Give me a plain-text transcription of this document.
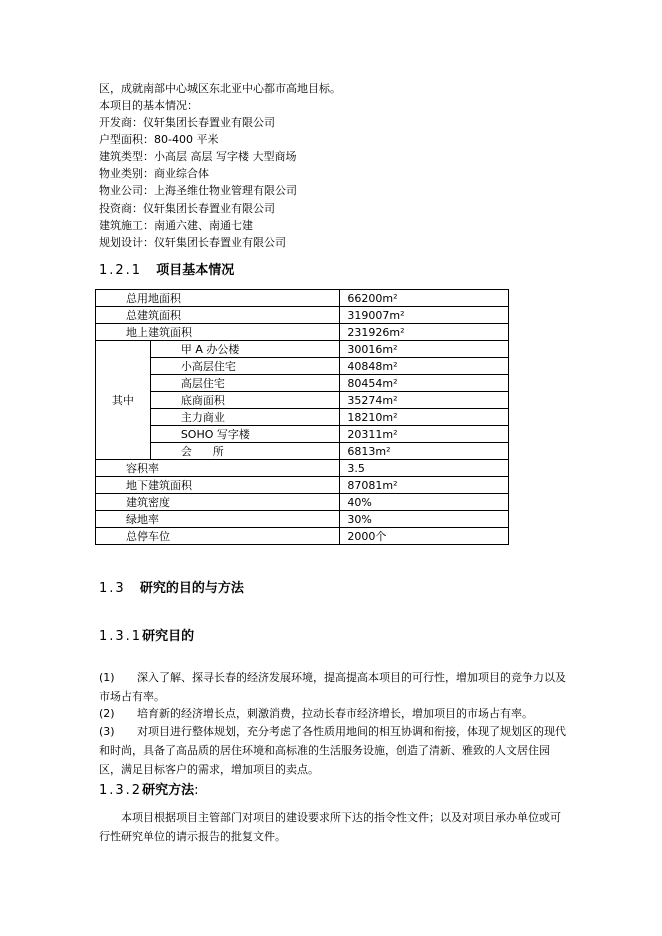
区，成就南部中心城区东北亚中心都市高地目标。
本项目的基本情况：
开发商：仪轩集团长春置业有限公司
户型面积：80-400 平米
建筑类型：小高层 高层 写字楼 大型商场
物业类别：商业综合体
物业公司：上海圣维仕物业管理有限公司
投资商：仪轩集团长春置业有限公司
建筑施工：南通六建、南通七建
规划设计：仪轩集团长春置业有限公司
1.2.1 项目基本情况
总用地面积		66200m²
总建筑面积		319007m²
地上建筑面积		231926m²
其中	甲 A 办公楼	30016m²
	小高层住宅	40848m²
	高层住宅	80454m²
	底商面积	35274m²
	主力商业	18210m²
	SOHO 写字楼	20311m²
	会      所	6813m²
容积率		3.5
地下建筑面积		87081m²
建筑密度		40%
绿地率		30%
总停车位		2000个
1.3 研究的目的与方法
1.3.1研究目的
(1) 深入了解、探寻长春的经济发展环境，提高提高本项目的可行性，增加项目的竞争力以及市场占有率。
(2) 培育新的经济增长点，刺激消费，拉动长春市经济增长，增加项目的市场占有率。
(3) 对项目进行整体规划，充分考虑了各性质用地间的相互协调和衔接，体现了规划区的现代和时尚，具备了高品质的居住环境和高标准的生活服务设施，创造了清新、雅致的人文居住园区，满足目标客户的需求，增加项目的卖点。
1.3.2研究方法:
本项目根据项目主管部门对项目的建设要求所下达的指令性文件；以及对项目承办单位或可行性研究单位的请示报告的批复文件。
